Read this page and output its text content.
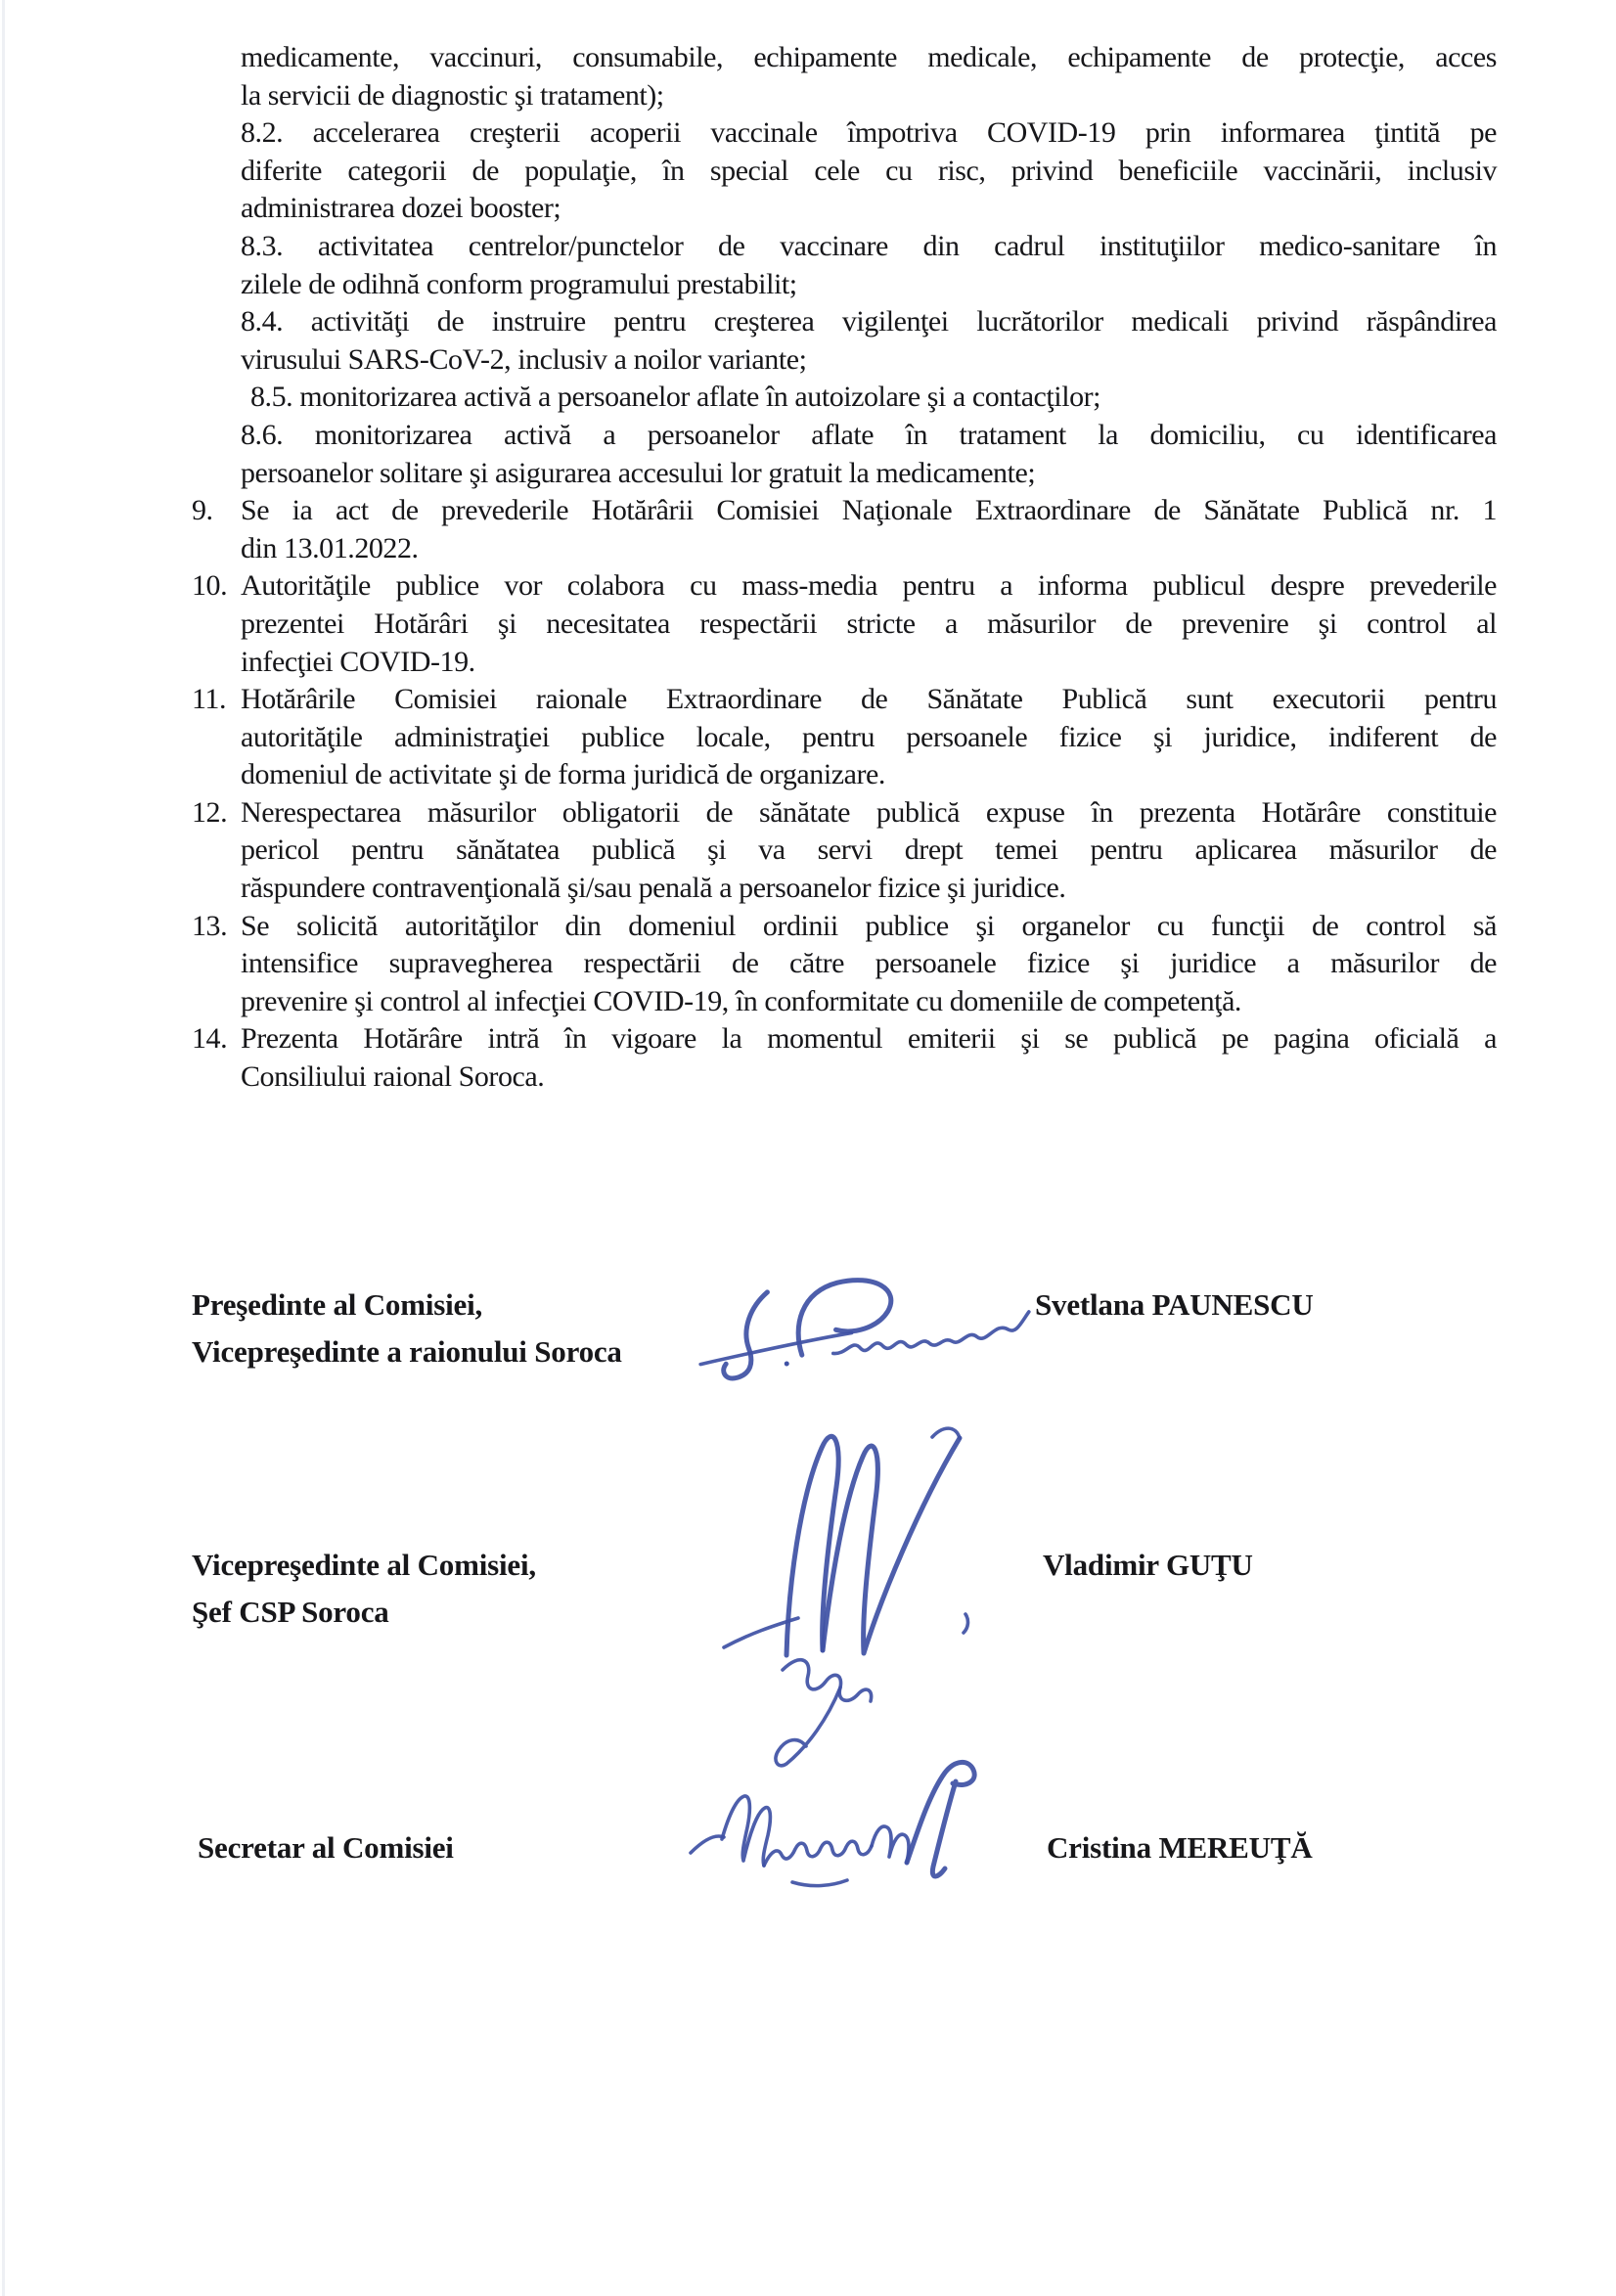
medicamente, vaccinuri, consumabile, echipamente medicale, echipamente de protecţie, acces
la servicii de diagnostic şi tratament);
8.2. accelerarea creşterii acoperii vaccinale împotriva COVID-19 prin informarea ţintită pe
diferite categorii de populaţie, în special cele cu risc, privind beneficiile vaccinării, inclusiv
administrarea dozei booster;
8.3. activitatea centrelor/punctelor de vaccinare din cadrul instituţiilor medico-sanitare în
zilele de odihnă conform programului prestabilit;
8.4. activităţi de instruire pentru creşterea vigilenţei lucrătorilor medicali privind răspândirea
virusului SARS-CoV-2, inclusiv a noilor variante;
8.5. monitorizarea activă a persoanelor aflate în autoizolare şi a contacţilor;
8.6. monitorizarea activă a persoanelor aflate în tratament la domiciliu, cu identificarea
persoanelor solitare şi asigurarea accesului lor gratuit la medicamente;
9. Se ia act de prevederile Hotărârii Comisiei Naţionale Extraordinare de Sănătate Publică nr. 1
din 13.01.2022.
10. Autorităţile publice vor colabora cu mass-media pentru a informa publicul despre prevederile
prezentei Hotărâri şi necesitatea respectării stricte a măsurilor de prevenire şi control al
infecţiei COVID-19.
11. Hotărârile Comisiei raionale Extraordinare de Sănătate Publică sunt executorii pentru
autorităţile administraţiei publice locale, pentru persoanele fizice şi juridice, indiferent de
domeniul de activitate şi de forma juridică de organizare.
12. Nerespectarea măsurilor obligatorii de sănătate publică expuse în prezenta Hotărâre constituie
pericol pentru sănătatea publică şi va servi drept temei pentru aplicarea măsurilor de
răspundere contravenţională şi/sau penală a persoanelor fizice şi juridice.
13. Se solicită autorităţilor din domeniul ordinii publice şi organelor cu funcţii de control să
intensifice supravegherea respectării de către persoanele fizice şi juridice a măsurilor de
prevenire şi control al infecţiei COVID-19, în conformitate cu domeniile de competenţă.
14. Prezenta Hotărâre intră în vigoare la momentul emiterii şi se publică pe pagina oficială a
Consiliului raional Soroca.
Preşedinte al Comisiei,
Vicepreşedinte a raionului Soroca
Svetlana PAUNESCU
Vicepreşedinte al Comisiei,
Şef CSP Soroca
Vladimir GUŢU
Secretar al Comisiei	Cristina MEREUŢĂ
